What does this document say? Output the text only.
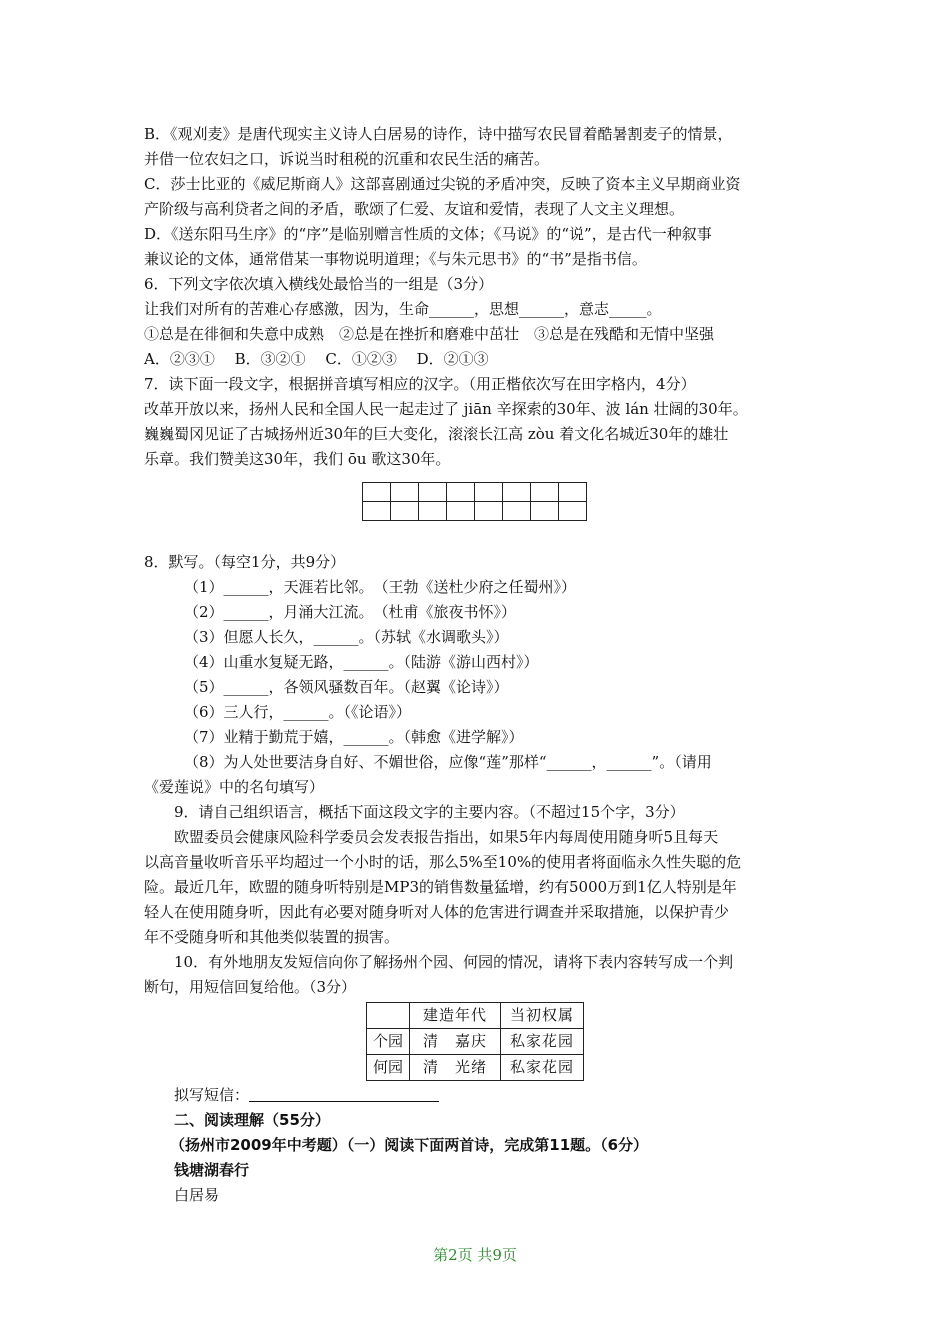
B．《观刈麦》是唐代现实主义诗人白居易的诗作，诗中描写农民冒着酷暑割麦子的情景，
并借一位农妇之口，诉说当时租税的沉重和农民生活的痛苦。
C．莎士比亚的《威尼斯商人》这部喜剧通过尖锐的矛盾冲突，反映了资本主义早期商业资
产阶级与高利贷者之间的矛盾，歌颂了仁爱、友谊和爱情，表现了人文主义理想。
D．《送东阳马生序》的“序”是临别赠言性质的文体；《马说》的“说”，是古代一种叙事
兼议论的文体，通常借某一事物说明道理；《与朱元思书》的“书”是指书信。
6．下列文字依次填入横线处最恰当的一组是（3分）
让我们对所有的苦难心存感激，因为，生命______，思想______，意志_____。
①总是在徘徊和失意中成熟　②总是在挫折和磨难中茁壮　③总是在残酷和无情中坚强
A．②③①　 B．③②①　 C．①②③　 D．②①③
7．读下面一段文字，根据拼音填写相应的汉字。（用正楷依次写在田字格内，4分）
改革开放以来，扬州人民和全国人民一起走过了 jiān 辛探索的30年、波 lán 壮阔的30年。
巍巍蜀冈见证了古城扬州近30年的巨大变化，滚滚长江高 zòu 着文化名城近30年的雄壮
乐章。我们赞美这30年，我们 ōu 歌这30年。

8．默写。（每空1分，共9分）
（1）______，天涯若比邻。　（王勃《送杜少府之任蜀州》）
（2）______，月涌大江流。　（杜甫《旅夜书怀》）
（3）但愿人长久，______。（苏轼《水调歌头》）
（4）山重水复疑无路，______。（陆游《游山西村》）
（5）______，各领风骚数百年。（赵翼《论诗》）
（6）三人行，______。（《论语》）
（7）业精于勤荒于嬉，______。（韩愈《进学解》）
（8）为人处世要洁身自好、不媚世俗，应像“莲”那样“______，______”。（请用
《爱莲说》中的名句填写）
9．请自己组织语言，概括下面这段文字的主要内容。（不超过15个字，3分）
欧盟委员会健康风险科学委员会发表报告指出，如果5年内每周使用随身听5且每天
以高音量收听音乐平均超过一个小时的话，那么5%至10%的使用者将面临永久性失聪的危
险。最近几年，欧盟的随身听特别是MP3的销售数量猛增，约有5000万到1亿人特别是年
轻人在使用随身听，因此有必要对随身听对人体的危害进行调查并采取措施，以保护青少
年不受随身听和其他类似装置的损害。
10．有外地朋友发短信向你了解扬州个园、何园的情况，请将下表内容转写成一个判
断句，用短信回复给他。（3分）
	建造年代	当初权属
个园	清　嘉庆	私家花园
何园	清　光绪	私家花园
拟写短信：
二、阅读理解（55分）
（扬州市2009年中考题）（一）阅读下面两首诗，完成第11题。（6分）
钱塘湖春行
白居易
第2页 共9页
